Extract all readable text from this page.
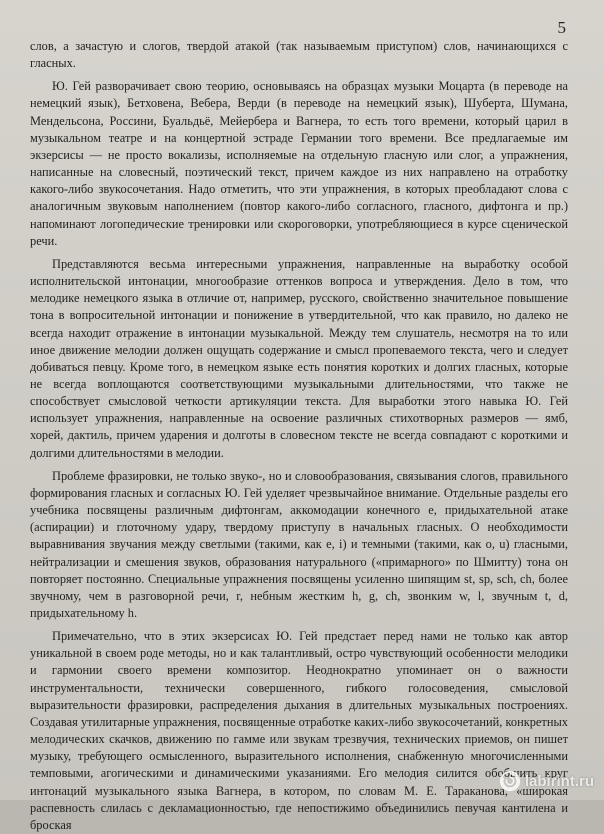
5

слов, а зачастую и слогов, твердой атакой (так называемым приступом) слов, начинающихся с гласных.

Ю. Гей разворачивает свою теорию, основываясь на образцах музыки Моцарта (в переводе на немецкий язык), Бетховена, Вебера, Верди (в переводе на немецкий язык), Шуберта, Шумана, Мендельсона, Россини, Буальдьё, Мейербера и Вагнера, то есть того времени, который царил в музыкальном театре и на концертной эстраде Германии того времени. Все предлагаемые им экзерсисы — не просто вокализы, исполняемые на отдельную гласную или слог, а упражнения, написанные на словесный, поэтический текст, причем каждое из них направлено на отработку какого-либо звукосочетания. Надо отметить, что эти упражнения, в которых преобладают слова с аналогичным звуковым наполнением (повтор какого-либо согласного, гласного, дифтонга и пр.) напоминают логопедические тренировки или скороговорки, употребляющиеся в курсе сценической речи.

Представляются весьма интересными упражнения, направленные на выработку особой исполнительской интонации, многообразие оттенков вопроса и утверждения. Дело в том, что мелодике немецкого языка в отличие от, например, русского, свойственно значительное повышение тона в вопросительной интонации и понижение в утвердительной, что как правило, но далеко не всегда находит отражение в интонации музыкальной. Между тем слушатель, несмотря на то или иное движение мелодии должен ощущать содержание и смысл пропеваемого текста, чего и следует добиваться певцу. Кроме того, в немецком языке есть понятия коротких и долгих гласных, которые не всегда воплощаются соответствующими музыкальными длительностями, что также не способствует смысловой четкости артикуляции текста. Для выработки этого навыка Ю. Гей использует упражнения, направленные на освоение различных стихотворных размеров — ямб, хорей, дактиль, причем ударения и долготы в словесном тексте не всегда совпадают с короткими и долгими длительностями в мелодии.

Проблеме фразировки, не только звуко-, но и словообразования, связывания слогов, правильного формирования гласных и согласных Ю. Гей уделяет чрезвычайное внимание. Отдельные разделы его учебника посвящены различным дифтонгам, аккомодации конечного е, придыхательной атаке (аспирации) и глоточному удару, твердому приступу в начальных гласных. О необходимости выравнивания звучания между светлыми (такими, как е, i) и темными (такими, как о, u) гласными, нейтрализации и смешения звуков, образования натурального («примарного» по Шмитту) тона он повторяет постоянно. Специальные упражнения посвящены усиленно шипящим st, sp, sch, ch, более звучному, чем в разговорной речи, r, небным жестким h, g, ch, звонким w, l, звучным t, d, придыхательному h.

Примечательно, что в этих экзерсисах Ю. Гей предстает перед нами не только как автор уникальной в своем роде методы, но и как талантливый, остро чувствующий особенности мелодики и гармонии своего времени композитор. Неоднократно упоминает он о важности инструментальности, технически совершенного, гибкого голосоведения, смысловой выразительности фразировки, распределения дыхания в длительных музыкальных построениях. Создавая утилитарные упражнения, посвященные отработке каких-либо звукосочетаний, конкретных мелодических скачков, движению по гамме или звукам трезвучия, технических приемов, он пишет музыку, требующего осмысленного, выразительного исполнения, снабженную многочисленными темповыми, агогическими и динамическими указаниями. Его мелодия силится обобщить круг интонаций музыкального языка Вагнера, в котором, по словам М. Е. Тараканова, «широкая распевность слилась с декламационностью, где непостижимо объединились певучая кантилена и броская

labirint.ru
